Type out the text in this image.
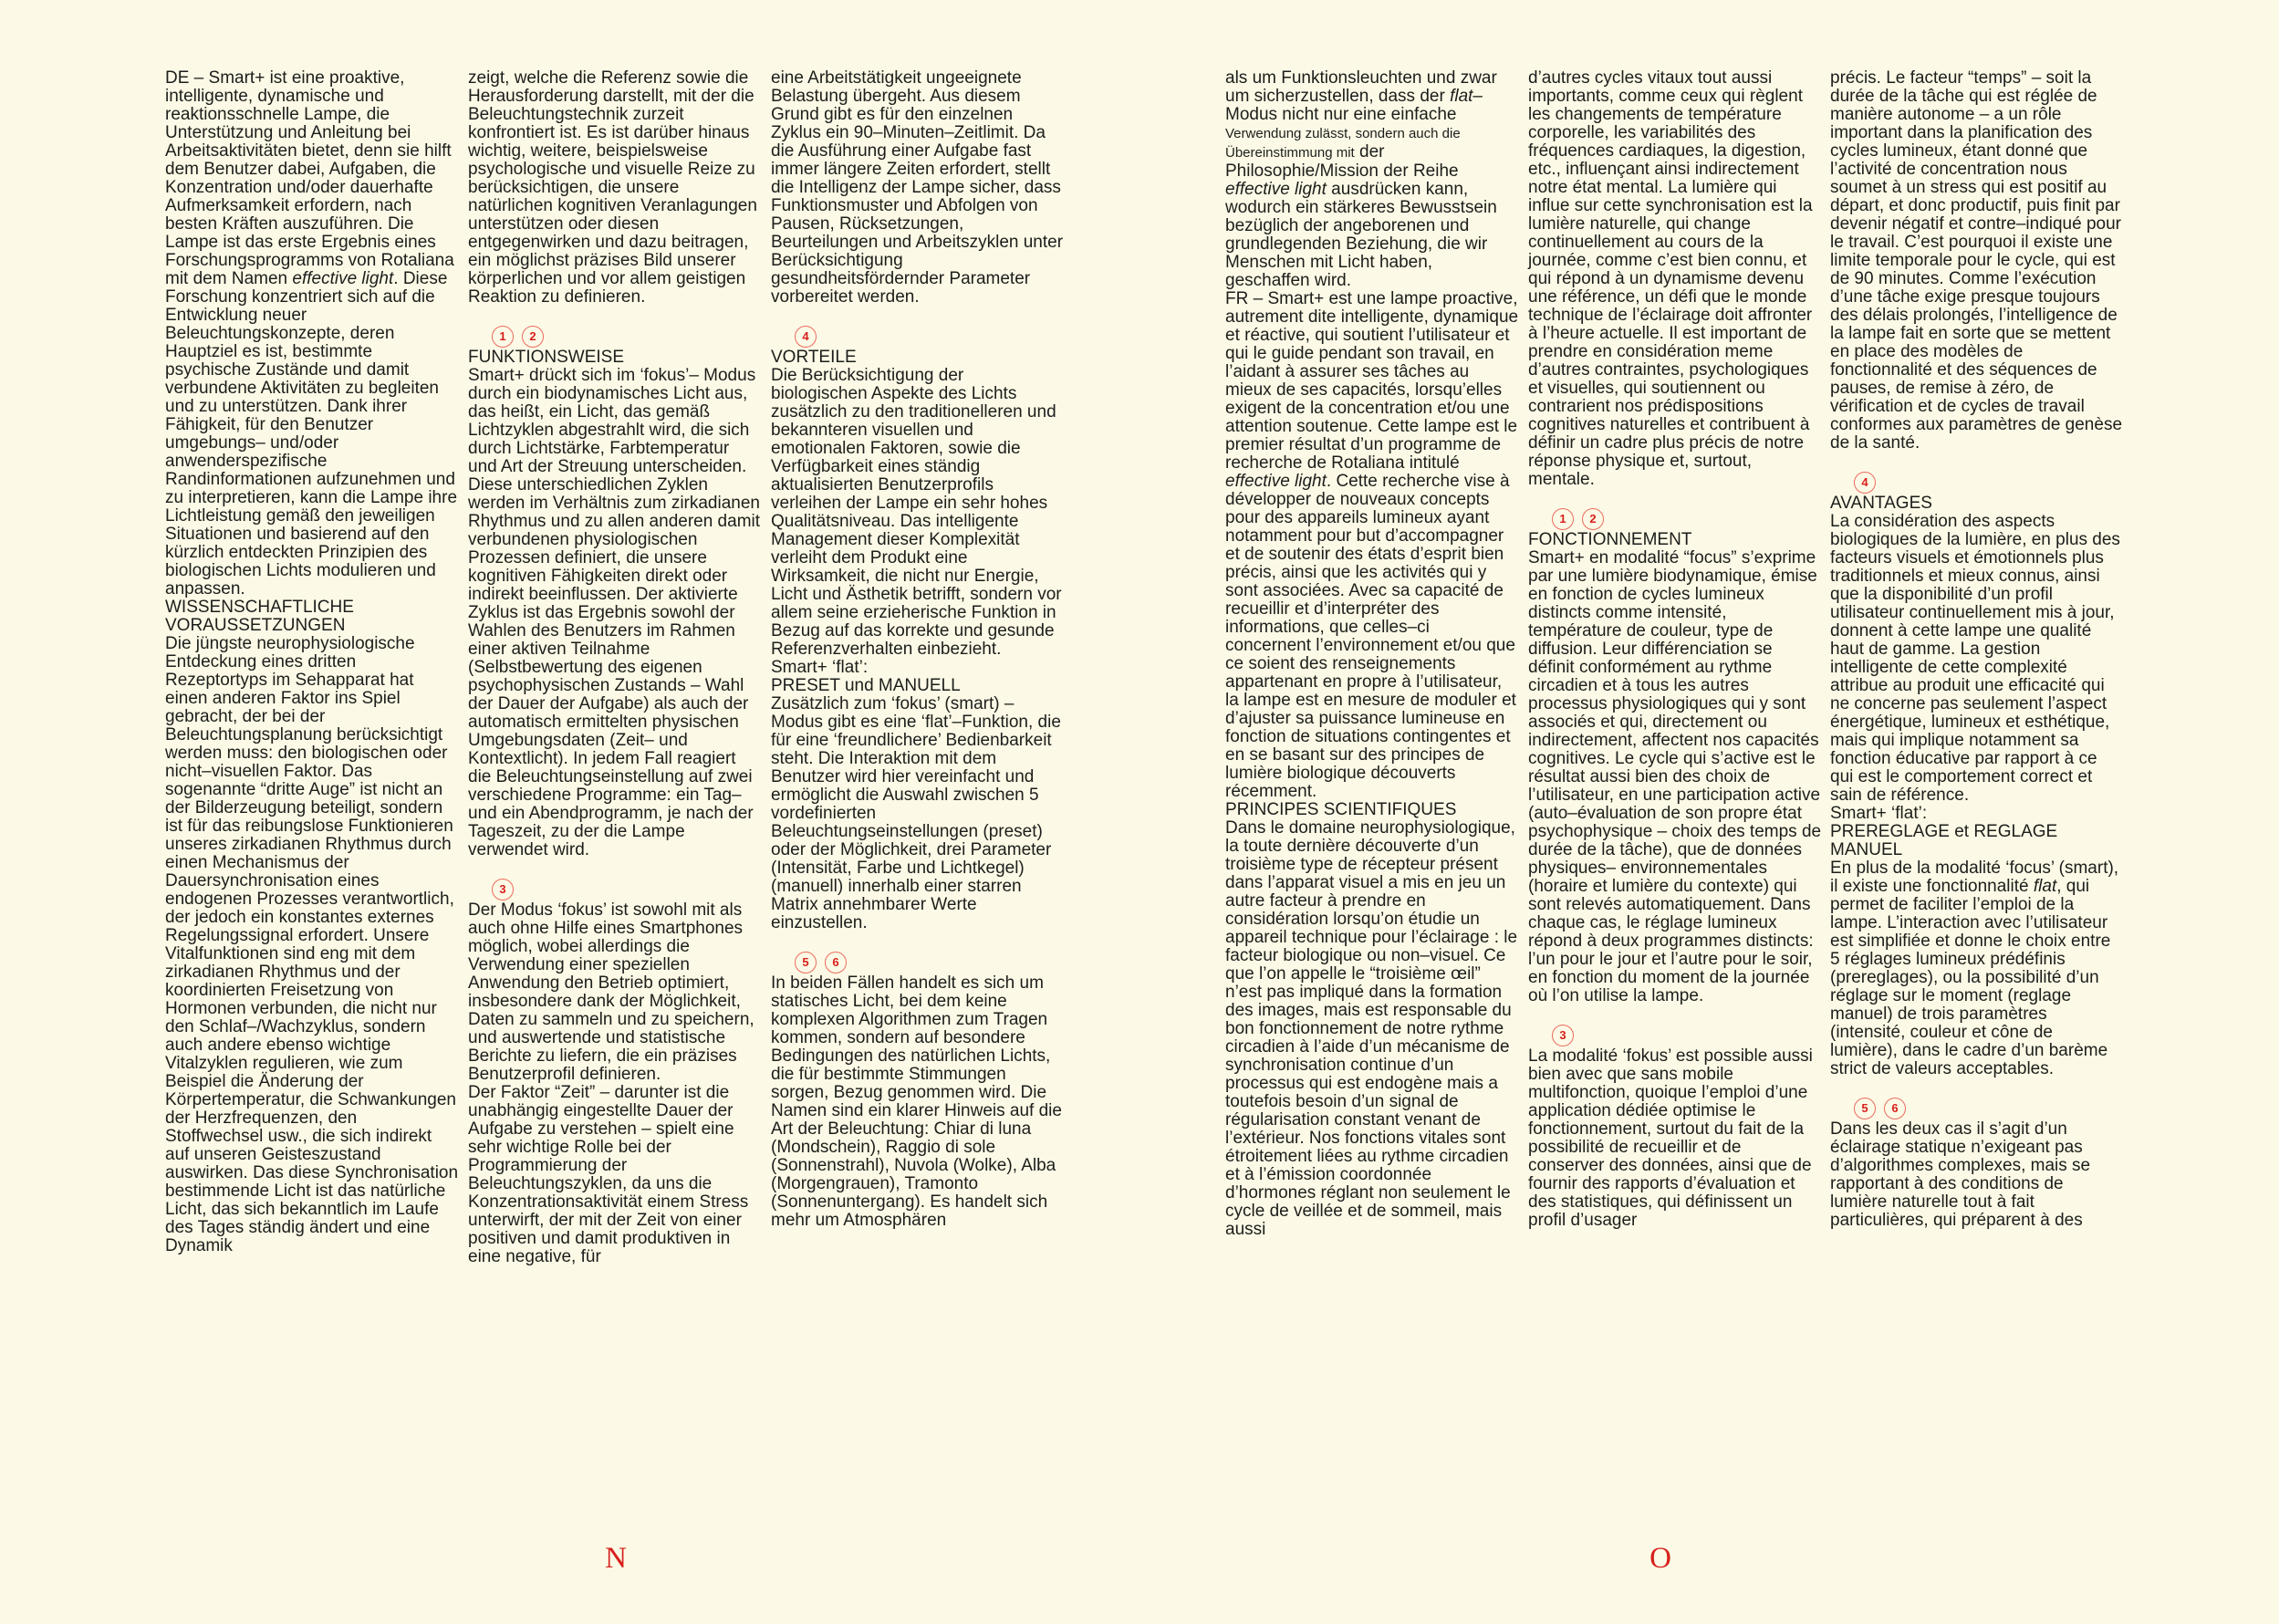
DE – Smart+ ist eine proaktive, intelligente, dynamische und reaktionsschnelle Lampe, die Unterstützung und Anleitung bei Arbeitsaktivitäten bietet, denn sie hilft dem Benutzer dabei, Aufgaben, die Konzentration und/oder dauerhafte Aufmerksamkeit erfordern, nach besten Kräften auszuführen. Die Lampe ist das erste Ergebnis eines Forschungsprogramms von Rotaliana mit dem Namen effective light. Diese Forschung konzentriert sich auf die Entwicklung neuer Beleuchtungskonzepte, deren Hauptziel es ist, bestimmte psychische Zustände und damit verbundene Aktivitäten zu begleiten und zu unterstützen. Dank ihrer Fähigkeit, für den Benutzer umgebungs– und/oder anwenderspezifische Randinformationen aufzunehmen und zu interpretieren, kann die Lampe ihre Lichtleistung gemäß den jeweiligen Situationen und basierend auf den kürzlich entdeckten Prinzipien des biologischen Lichts modulieren und anpassen.

WISSENSCHAFTLICHE VORAUSSETZUNGEN

Die jüngste neurophysiologische Entdeckung eines dritten Rezeptortyps im Sehapparat hat einen anderen Faktor ins Spiel gebracht, der bei der Beleuchtungsplanung berücksichtigt werden muss: den biologischen oder nicht–visuellen Faktor. Das sogenannte “dritte Auge” ist nicht an der Bilderzeugung beteiligt, sondern ist für das reibungslose Funktionieren unseres zirkadianen Rhythmus durch einen Mechanismus der Dauersynchronisation eines endogenen Prozesses verantwortlich, der jedoch ein konstantes externes Regelungssignal erfordert. Unsere Vitalfunktionen sind eng mit dem zirkadianen Rhythmus und der koordinierten Freisetzung von Hormonen verbunden, die nicht nur den Schlaf–/Wachzyklus, sondern auch andere ebenso wichtige Vitalzyklen regulieren, wie zum Beispiel die Änderung der Körpertemperatur, die Schwankungen der Herzfrequenzen, den Stoffwechsel usw., die sich indirekt auf unseren Geisteszustand auswirken. Das diese Synchronisation bestimmende Licht ist das natürliche Licht, das sich bekanntlich im Laufe des Tages ständig ändert und eine Dynamik

zeigt, welche die Referenz sowie die Herausforderung darstellt, mit der die Beleuchtungstechnik zurzeit konfrontiert ist. Es ist darüber hinaus wichtig, weitere, beispielsweise psychologische und visuelle Reize zu berücksichtigen, die unsere natürlichen kognitiven Veranlagungen unterstützen oder diesen entgegenwirken und dazu beitragen, ein möglichst präzises Bild unserer körperlichen und vor allem geistigen Reaktion zu definieren.

1	2

FUNKTIONSWEISE

Smart+ drückt sich im ‘fokus’– Modus durch ein biodynamisches Licht aus, das heißt, ein Licht, das gemäß Lichtzyklen abgestrahlt wird, die sich durch Lichtstärke, Farbtemperatur und Art der Streuung unterscheiden. Diese unterschiedlichen Zyklen werden im Verhältnis zum zirkadianen Rhythmus und zu allen anderen damit verbundenen physiologischen Prozessen definiert, die unsere kognitiven Fähigkeiten direkt oder indirekt beeinflussen. Der aktivierte Zyklus ist das Ergebnis sowohl der Wahlen des Benutzers im Rahmen einer aktiven Teilnahme (Selbstbewertung des eigenen psychophysischen Zustands – Wahl der Dauer der Aufgabe) als auch der automatisch ermittelten physischen Umgebungsdaten (Zeit– und Kontextlicht). In jedem Fall reagiert die Beleuchtungseinstellung auf zwei verschiedene Programme: ein Tag– und ein Abendprogramm, je nach der Tageszeit, zu der die Lampe verwendet wird.

3

Der Modus ‘fokus’ ist sowohl mit als auch ohne Hilfe eines Smartphones möglich, wobei allerdings die Verwendung einer speziellen Anwendung den Betrieb optimiert, insbesondere dank der Möglichkeit, Daten zu sammeln und zu speichern, und auswertende und statistische Berichte zu liefern, die ein präzises Benutzerprofil definieren.
Der Faktor “Zeit” – darunter ist die unabhängig eingestellte Dauer der Aufgabe zu verstehen – spielt eine sehr wichtige Rolle bei der Programmierung der Beleuchtungszyklen, da uns die Konzentrationsaktivität einem Stress unterwirft, der mit der Zeit von einer positiven und damit produktiven in eine negative, für

eine Arbeitstätigkeit ungeeignete Belastung übergeht. Aus diesem Grund gibt es für den einzelnen Zyklus ein 90–Minuten–Zeitlimit. Da die Ausführung einer Aufgabe fast immer längere Zeiten erfordert, stellt die Intelligenz der Lampe sicher, dass Funktionsmuster und Abfolgen von Pausen, Rücksetzungen, Beurteilungen und Arbeitszyklen unter Berücksichtigung gesundheitsfördernder Parameter vorbereitet werden.

4

VORTEILE

Die Berücksichtigung der biologischen Aspekte des Lichts zusätzlich zu den traditionelleren und bekannteren visuellen und emotionalen Faktoren, sowie die Verfügbarkeit eines ständig aktualisierten Benutzerprofils verleihen der Lampe ein sehr hohes Qualitätsniveau. Das intelligente Management dieser Komplexität verleiht dem Produkt eine Wirksamkeit, die nicht nur Energie, Licht und Ästhetik betrifft, sondern vor allem seine erzieherische Funktion in Bezug auf das korrekte und gesunde Referenzverhalten einbezieht.

Smart+ ‘flat’:
PRESET und MANUELL

Zusätzlich zum ‘fokus’ (smart) – Modus gibt es eine ‘flat’–Funktion, die für eine ‘freundlichere’ Bedienbarkeit steht. Die Interaktion mit dem Benutzer wird hier vereinfacht und ermöglicht die Auswahl zwischen 5 vordefinierten Beleuchtungseinstellungen (preset) oder der Möglichkeit, drei Parameter (Intensität, Farbe und Lichtkegel) (manuell) innerhalb einer starren Matrix annehmbarer Werte einzustellen.

5	6

In beiden Fällen handelt es sich um statisches Licht, bei dem keine komplexen Algorithmen zum Tragen kommen, sondern auf besondere Bedingungen des natürlichen Lichts, die für bestimmte Stimmungen sorgen, Bezug genommen wird. Die Namen sind ein klarer Hinweis auf die Art der Beleuchtung: Chiar di luna (Mondschein), Raggio di sole (Sonnenstrahl), Nuvola (Wolke), Alba (Morgengrauen), Tramonto (Sonnenuntergang). Es handelt sich mehr um Atmosphären

als um Funktionsleuchten und zwar um sicherzustellen, dass der flat–Modus nicht nur eine einfache Verwendung zulässt, sondern auch die Übereinstimmung mit der Philosophie/Mission der Reihe effective light ausdrücken kann, wodurch ein stärkeres Bewusstsein bezüglich der angeborenen und grundlegenden Beziehung, die wir Menschen mit Licht haben, geschaffen wird.

FR – Smart+ est une lampe proactive, autrement dite intelligente, dynamique et réactive, qui soutient l’utilisateur et qui le guide pendant son travail, en l’aidant à assurer ses tâches au mieux de ses capacités, lorsqu’elles exigent de la concentration et/ou une attention soutenue. Cette lampe est le premier résultat d’un programme de recherche de Rotaliana intitulé effective light. Cette recherche vise à développer de nouveaux concepts pour des appareils lumineux ayant notamment pour but d’accompagner et de soutenir des états d’esprit bien précis, ainsi que les activités qui y sont associées. Avec sa capacité de recueillir et d’interpréter des informations, que celles–ci concernent l’environnement et/ou que ce soient des renseignements appartenant en propre à l’utilisateur, la lampe est en mesure de moduler et d’ajuster sa puissance lumineuse en fonction de situations contingentes et en se basant sur des principes de lumière biologique découverts récemment.

PRINCIPES SCIENTIFIQUES

Dans le domaine neurophysiologique, la toute dernière découverte d’un troisième type de récepteur présent dans l’apparat visuel a mis en jeu un autre facteur à prendre en considération lorsqu’on étudie un appareil technique pour l’éclairage : le facteur biologique ou non–visuel. Ce que l’on appelle le “troisième œil” n’est pas impliqué dans la formation des images, mais est responsable du bon fonctionnement de notre rythme circadien à l’aide d’un mécanisme de synchronisation continue d’un processus qui est endogène mais a toutefois besoin d’un signal de régularisation constant venant de l’extérieur. Nos fonctions vitales sont étroitement liées au rythme circadien et à l’émission coordonnée d’hormones réglant non seulement le cycle de veillée et de sommeil, mais aussi

d’autres cycles vitaux tout aussi importants, comme ceux qui règlent les changements de température corporelle, les variabilités des fréquences cardiaques, la digestion, etc., influençant ainsi indirectement notre état mental. La lumière qui influe sur cette synchronisation est la lumière naturelle, qui change continuellement au cours de la journée, comme c’est bien connu, et qui répond à un dynamisme devenu une référence, un défi que le monde technique de l’éclairage doit affronter à l’heure actuelle. Il est important de prendre en considération meme d’autres contraintes, psychologiques et visuelles, qui soutiennent ou contrarient nos prédispositions cognitives naturelles et contribuent à définir un cadre plus précis de notre réponse physique et, surtout, mentale.

1	2

FONCTIONNEMENT

Smart+ en modalité “focus” s’exprime par une lumière biodynamique, émise en fonction de cycles lumineux distincts comme intensité, température de couleur, type de diffusion. Leur différenciation se définit conformément au rythme circadien et à tous les autres processus physiologiques qui y sont associés et qui, directement ou indirectement, affectent nos capacités cognitives. Le cycle qui s’active est le résultat aussi bien des choix de l’utilisateur, en une participation active (auto–évaluation de son propre état psychophysique – choix des temps de durée de la tâche), que de données physiques– environnementales (horaire et lumière du contexte) qui sont relevés automatiquement. Dans chaque cas, le réglage lumineux répond à deux programmes distincts: l’un pour le jour et l’autre pour le soir, en fonction du moment de la journée où l’on utilise la lampe.

3

La modalité ‘fokus’ est possible aussi bien avec que sans mobile multifonction, quoique l’emploi d’une application dédiée optimise le fonctionnement, surtout du fait de la possibilité de recueillir et de conserver des données, ainsi que de fournir des rapports d’évaluation et des statistiques, qui définissent un profil d’usager

précis. Le facteur “temps” – soit la durée de la tâche qui est réglée de manière autonome – a un rôle important dans la planification des cycles lumineux, étant donné que l’activité de concentration nous soumet à un stress qui est positif au départ, et donc productif, puis finit par devenir négatif et contre–indiqué pour le travail. C’est pourquoi il existe une limite temporale pour le cycle, qui est de 90 minutes. Comme l’exécution d’une tâche exige presque toujours des délais prolongés, l’intelligence de la lampe fait en sorte que se mettent en place des modèles de fonctionnalité et des séquences de pauses, de remise à zéro, de vérification et de cycles de travail conformes aux paramètres de genèse de la santé.

4

AVANTAGES

La considération des aspects biologiques de la lumière, en plus des facteurs visuels et émotionnels plus traditionnels et mieux connus, ainsi que la disponibilité d’un profil utilisateur continuellement mis à jour, donnent à cette lampe une qualité haut de gamme. La gestion intelligente de cette complexité attribue au produit une efficacité qui ne concerne pas seulement l’aspect énergétique, lumineux et esthétique, mais qui implique notamment sa fonction éducative par rapport à ce qui est le comportement correct et sain de référence.

Smart+ ‘flat’:
PREREGLAGE et REGLAGE
MANUEL

En plus de la modalité ‘focus’ (smart), il existe une fonctionnalité flat, qui permet de faciliter l’emploi de la lampe. L’interaction avec l’utilisateur est simplifiée et donne le choix entre 5 réglages lumineux prédéfinis (prereglages), ou la possibilité d’un réglage sur le moment (reglage manuel) de trois paramètres (intensité, couleur et cône de lumière), dans le cadre d’un barème strict de valeurs acceptables.

5	6

Dans les deux cas il s’agit d’un éclairage statique n’exigeant pas d’algorithmes complexes, mais se rapportant à des conditions de lumière naturelle tout à fait particulières, qui préparent à des

N	O
